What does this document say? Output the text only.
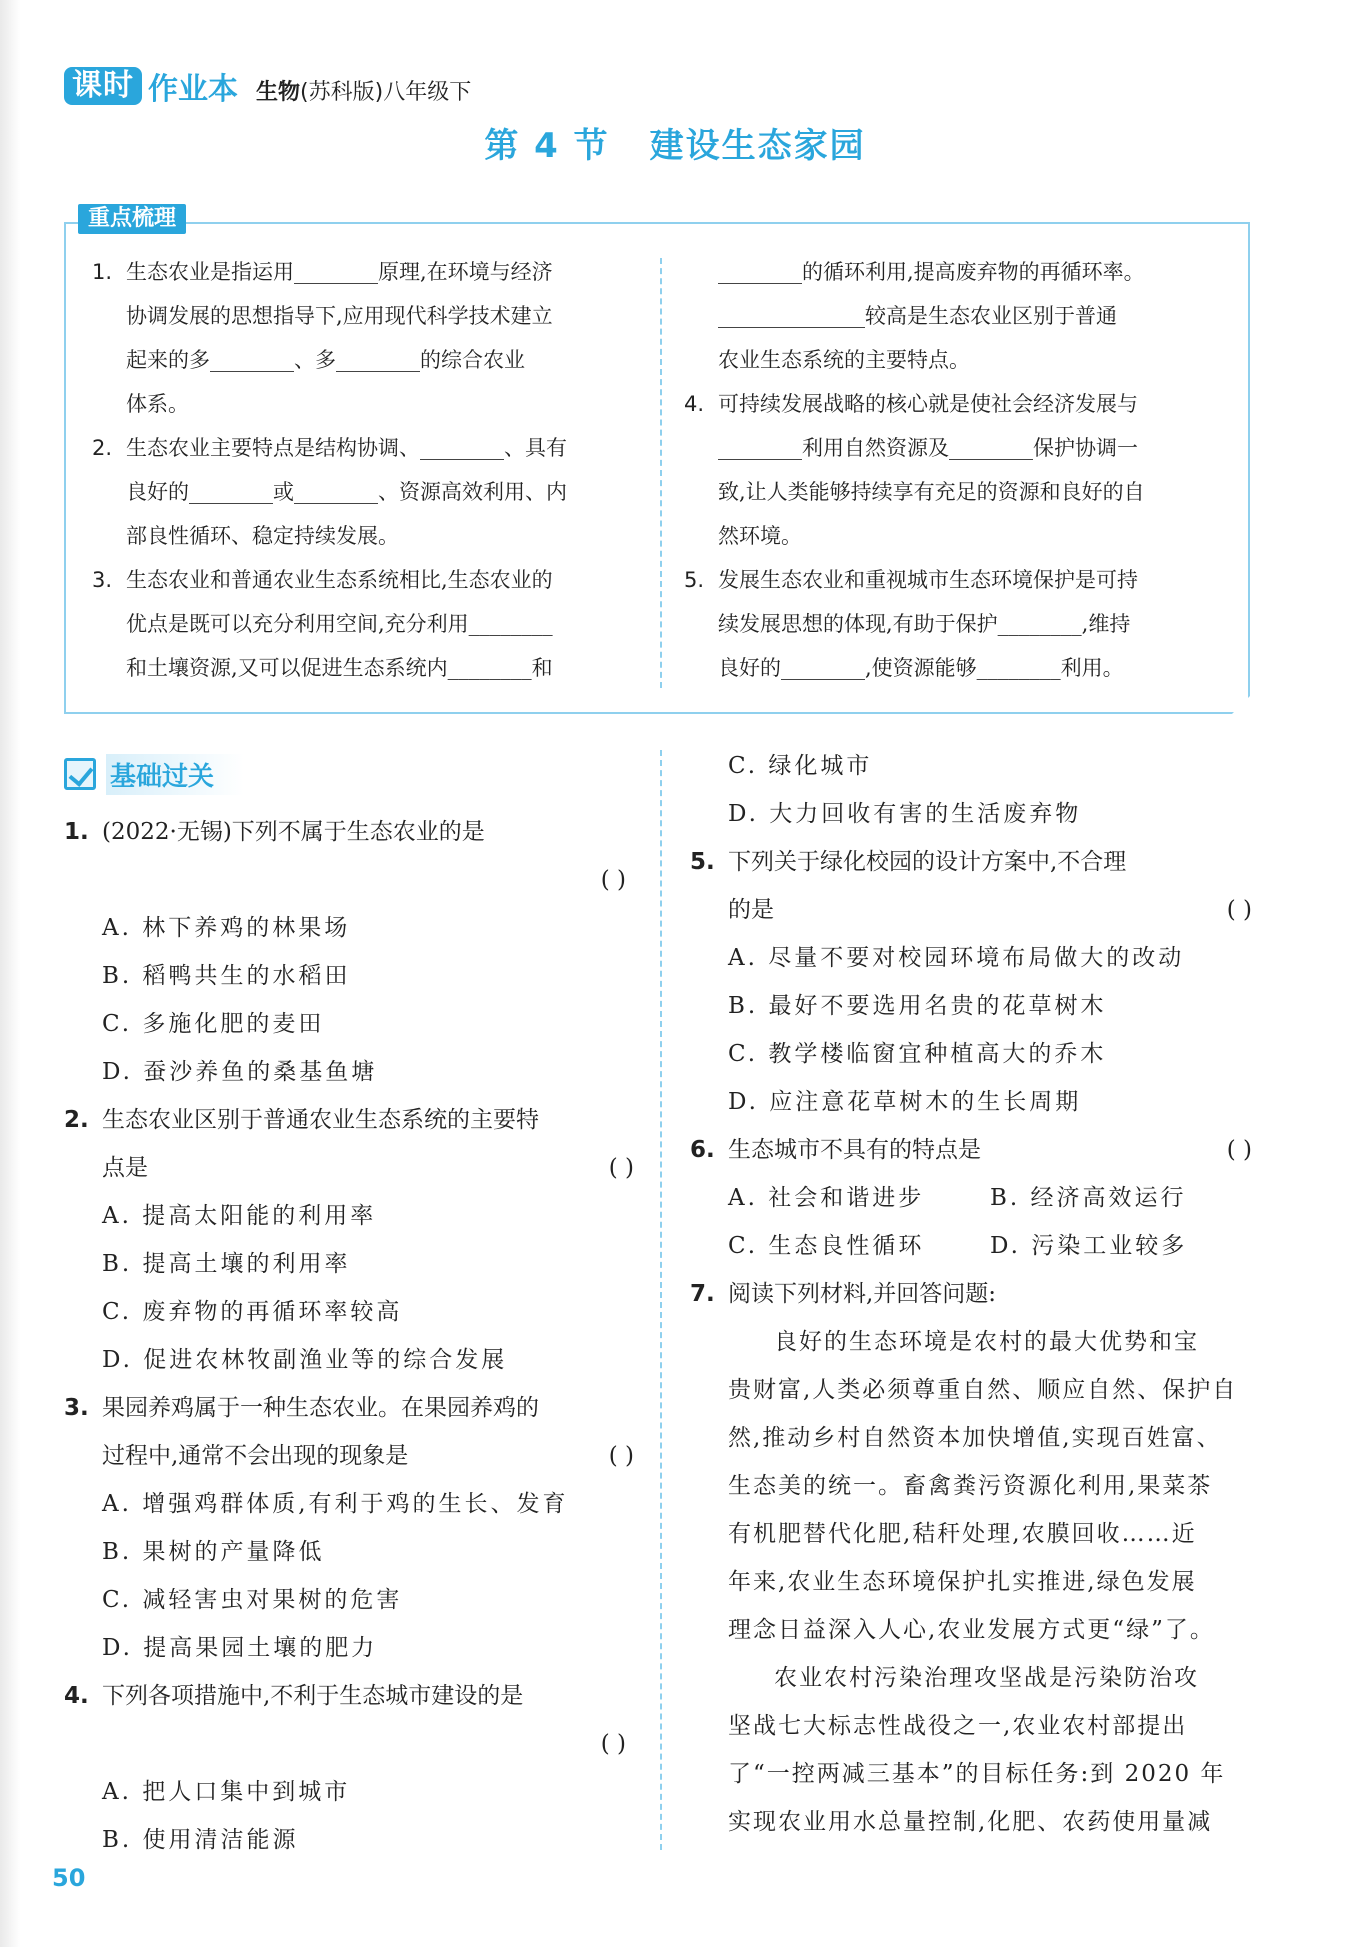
课时 作业本 生物(苏科版)八年级下
第 4 节 建设生态家园
重点梳理
1. 生态农业是指运用________原理,在环境与经济
协调发展的思想指导下,应用现代科学技术建立
起来的多________、多________的综合农业
体系。
2. 生态农业主要特点是结构协调、________、具有
良好的________或________、资源高效利用、内
部良性循环、稳定持续发展。
3. 生态农业和普通农业生态系统相比,生态农业的
优点是既可以充分利用空间,充分利用________
和土壤资源,又可以促进生态系统内________和
________的循环利用,提高废弃物的再循环率。
______________较高是生态农业区别于普通
农业生态系统的主要特点。
4. 可持续发展战略的核心就是使社会经济发展与
________利用自然资源及________保护协调一
致,让人类能够持续享有充足的资源和良好的自
然环境。
5. 发展生态农业和重视城市生态环境保护是可持
续发展思想的体现,有助于保护________,维持
良好的________,使资源能够________利用。
基础过关
1. (2022·无锡)下列不属于生态农业的是
( )
A. 林下养鸡的林果场
B. 稻鸭共生的水稻田
C. 多施化肥的麦田
D. 蚕沙养鱼的桑基鱼塘
2. 生态农业区别于普通农业生态系统的主要特
点是	( )
A. 提高太阳能的利用率
B. 提高土壤的利用率
C. 废弃物的再循环率较高
D. 促进农林牧副渔业等的综合发展
3. 果园养鸡属于一种生态农业。在果园养鸡的
过程中,通常不会出现的现象是	( )
A. 增强鸡群体质,有利于鸡的生长、发育
B. 果树的产量降低
C. 减轻害虫对果树的危害
D. 提高果园土壤的肥力
4. 下列各项措施中,不利于生态城市建设的是
( )
A. 把人口集中到城市
B. 使用清洁能源
C. 绿化城市
D. 大力回收有害的生活废弃物
5. 下列关于绿化校园的设计方案中,不合理
的是	( )
A. 尽量不要对校园环境布局做大的改动
B. 最好不要选用名贵的花草树木
C. 教学楼临窗宜种植高大的乔木
D. 应注意花草树木的生长周期
6. 生态城市不具有的特点是	( )
A. 社会和谐进步	B. 经济高效运行
C. 生态良性循环	D. 污染工业较多
7. 阅读下列材料,并回答问题:
良好的生态环境是农村的最大优势和宝
贵财富,人类必须尊重自然、顺应自然、保护自
然,推动乡村自然资本加快增值,实现百姓富、
生态美的统一。畜禽粪污资源化利用,果菜茶
有机肥替代化肥,秸秆处理,农膜回收……近
年来,农业生态环境保护扎实推进,绿色发展
理念日益深入人心,农业发展方式更“绿”了。
农业农村污染治理攻坚战是污染防治攻
坚战七大标志性战役之一,农业农村部提出
了“一控两减三基本”的目标任务:到 2020 年
实现农业用水总量控制,化肥、农药使用量减
50
